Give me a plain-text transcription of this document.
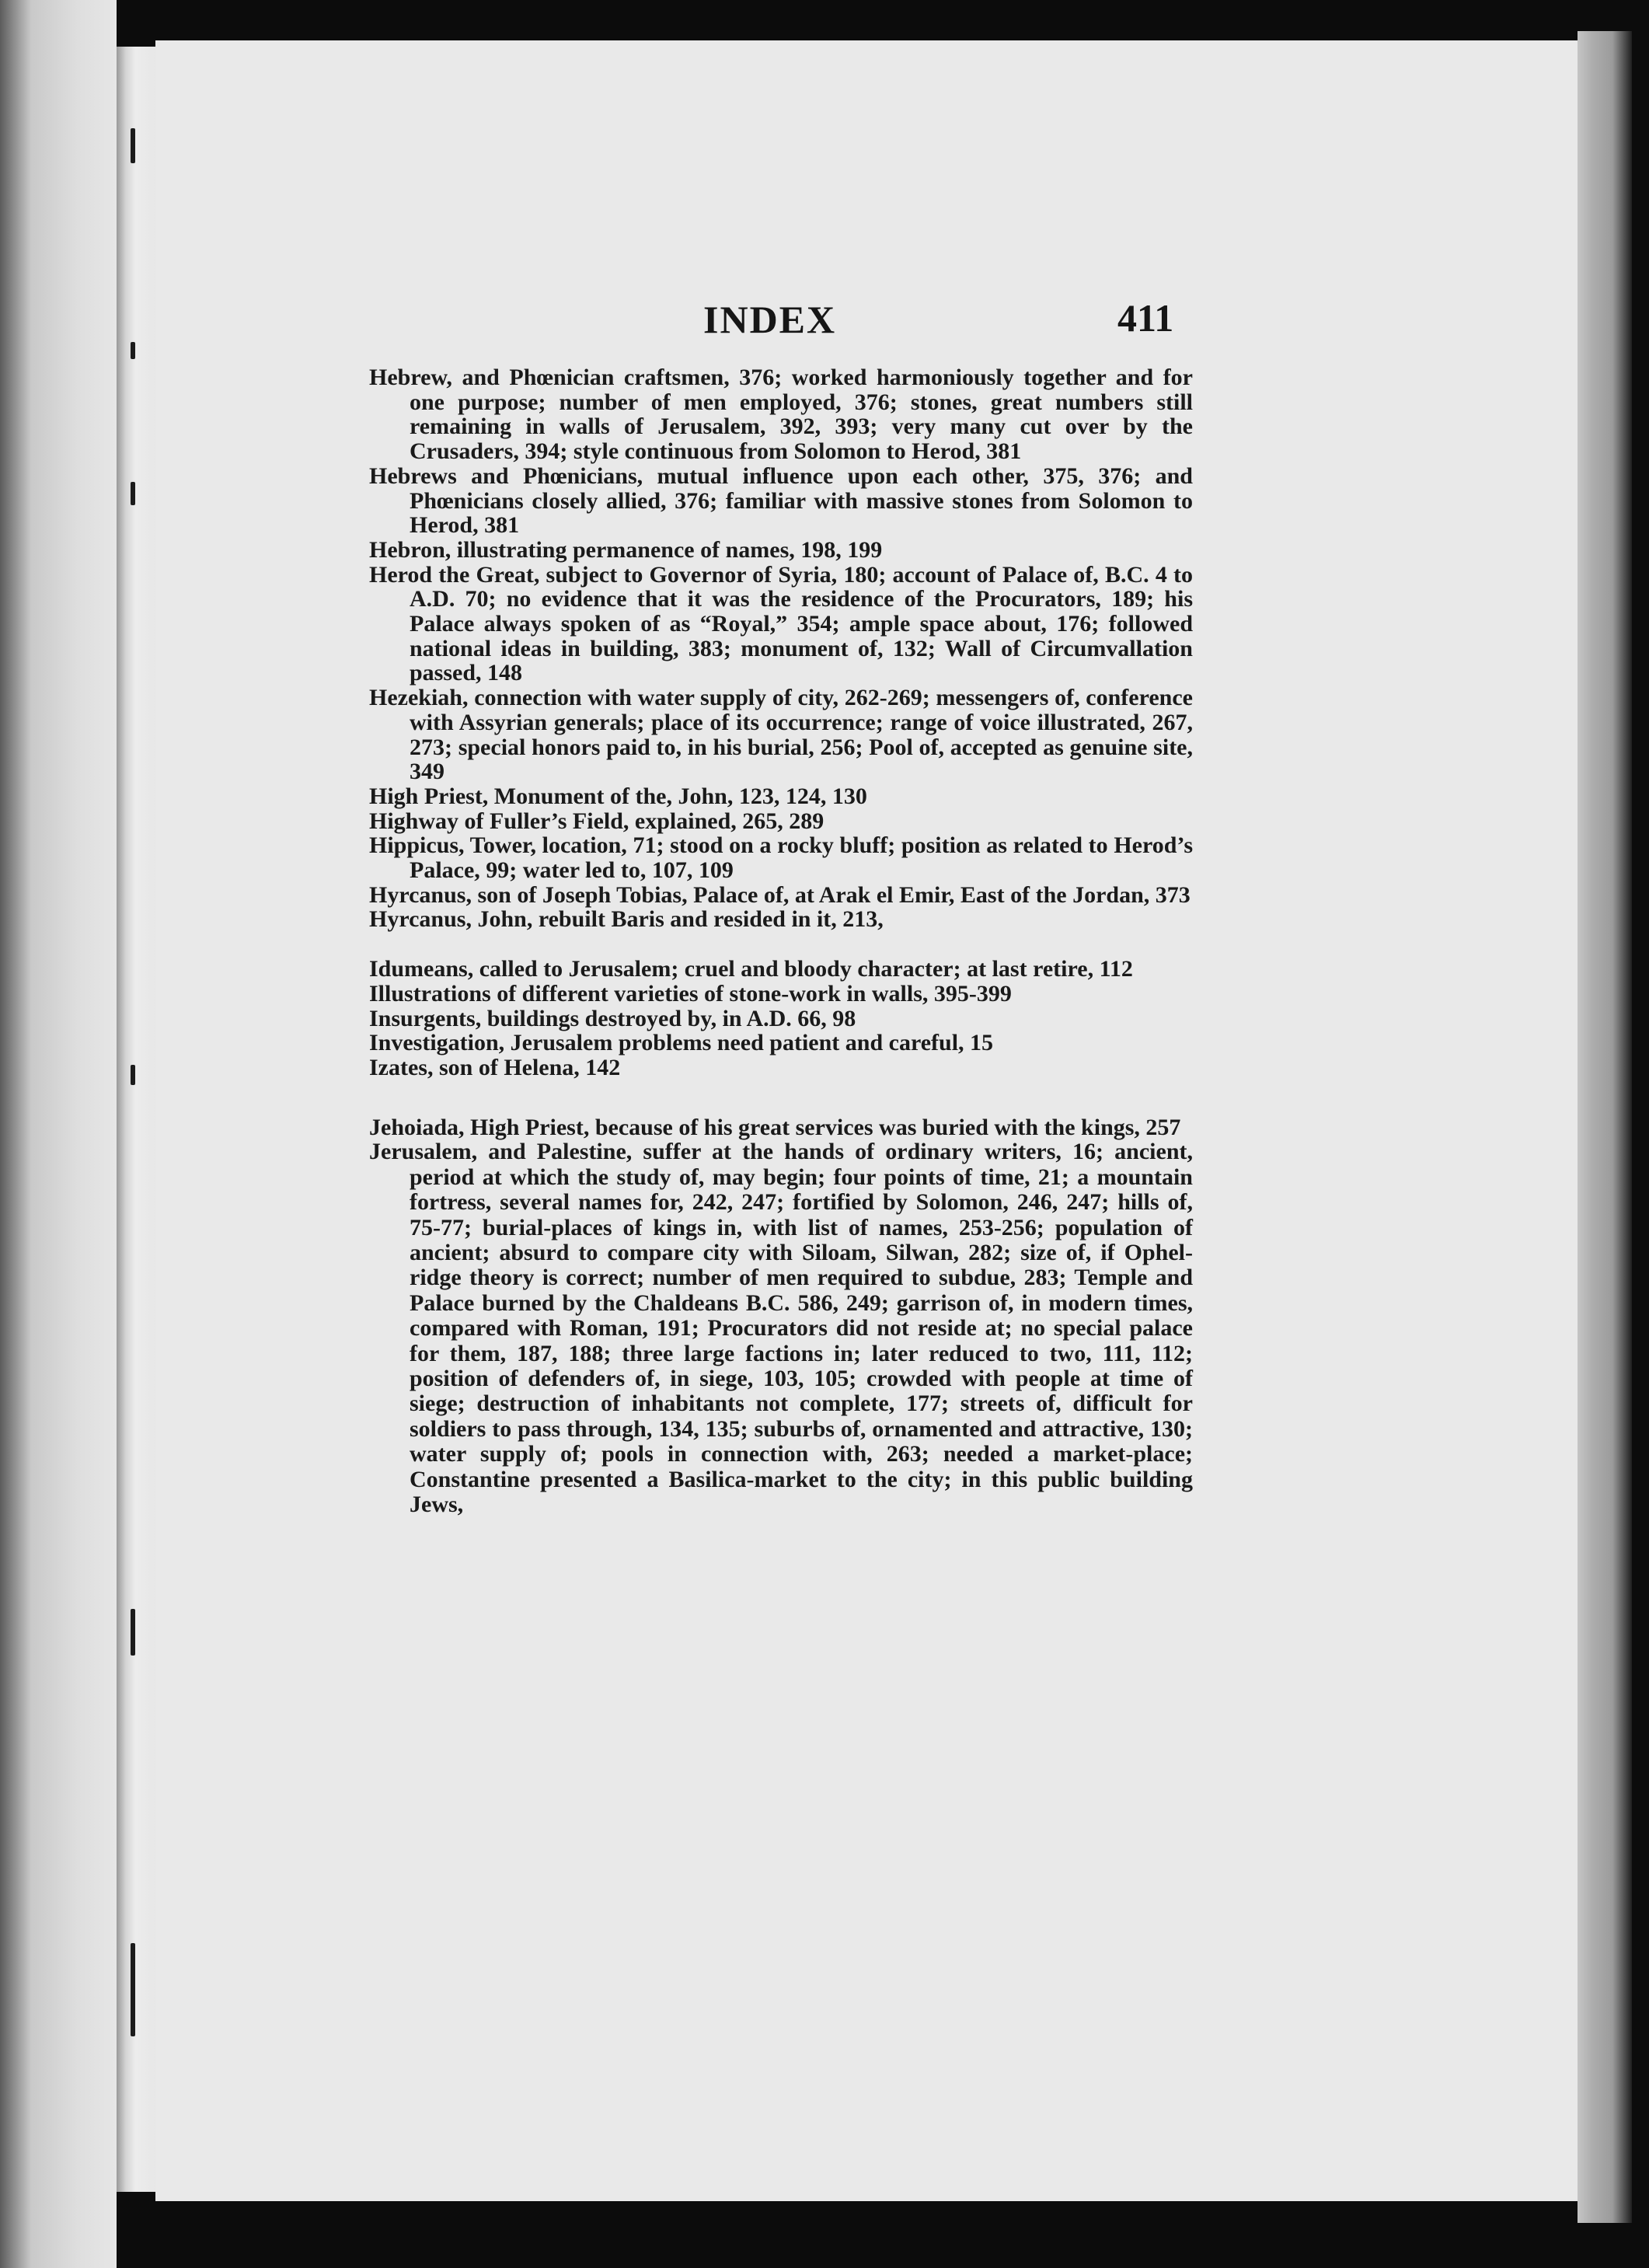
INDEX	411
Hebrew, and Phœnician craftsmen, 376; worked harmoniously together and for one purpose; number of men employed, 376; stones, great numbers still remaining in walls of Jerusalem, 392, 393; very many cut over by the Crusaders, 394; style continuous from Solomon to Herod, 381
Hebrews and Phœnicians, mutual influence upon each other, 375, 376; and Phœnicians closely allied, 376; familiar with massive stones from Solomon to Herod, 381
Hebron, illustrating permanence of names, 198, 199
Herod the Great, subject to Governor of Syria, 180; account of Palace of, B.C. 4 to A.D. 70; no evidence that it was the residence of the Procurators, 189; his Palace always spoken of as “Royal,” 354; ample space about, 176; followed national ideas in building, 383; monument of, 132; Wall of Circumvallation passed, 148
Hezekiah, connection with water supply of city, 262-269; messengers of, conference with Assyrian generals; place of its occurrence; range of voice illustrated, 267, 273; special honors paid to, in his burial, 256; Pool of, accepted as genuine site, 349
High Priest, Monument of the, John, 123, 124, 130
Highway of Fuller’s Field, explained, 265, 289
Hippicus, Tower, location, 71; stood on a rocky bluff; position as related to Herod’s Palace, 99; water led to, 107, 109
Hyrcanus, son of Joseph Tobias, Palace of, at Arak el Emir, East of the Jordan, 373
Hyrcanus, John, rebuilt Baris and resided in it, 213,
Idumeans, called to Jerusalem; cruel and bloody character; at last retire, 112
Illustrations of different varieties of stone-work in walls, 395-399
Insurgents, buildings destroyed by, in A.D. 66, 98
Investigation, Jerusalem problems need patient and careful, 15
Izates, son of Helena, 142
Jehoiada, High Priest, because of his great services was buried with the kings, 257
Jerusalem, and Palestine, suffer at the hands of ordinary writers, 16; ancient, period at which the study of, may begin; four points of time, 21; a mountain fortress, several names for, 242, 247; fortified by Solomon, 246, 247; hills of, 75-77; burial-places of kings in, with list of names, 253-256; population of ancient; absurd to compare city with Siloam, Silwan, 282; size of, if Ophel-ridge theory is correct; number of men required to subdue, 283; Temple and Palace burned by the Chaldeans B.C. 586, 249; garrison of, in modern times, compared with Roman, 191; Procurators did not reside at; no special palace for them, 187, 188; three large factions in; later reduced to two, 111, 112; position of defenders of, in siege, 103, 105; crowded with people at time of siege; destruction of inhabitants not complete, 177; streets of, difficult for soldiers to pass through, 134, 135; suburbs of, ornamented and attractive, 130; water supply of; pools in connection with, 263; needed a market-place; Constantine presented a Basilica-market to the city; in this public building Jews,
